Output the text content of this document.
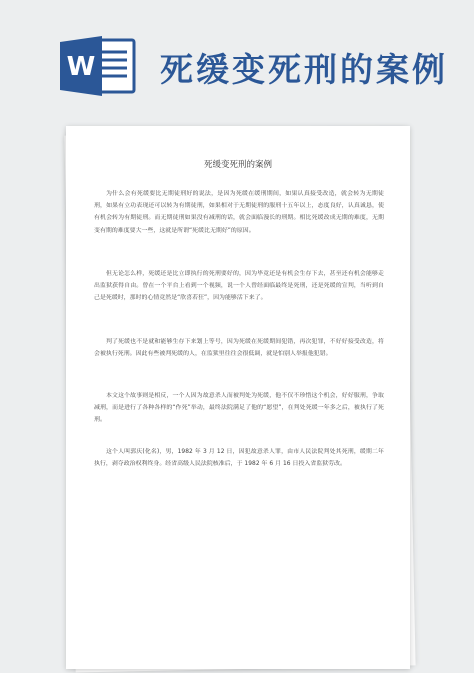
W 死缓变死刑的案例
死缓变死刑的案例

为什么会有死缓要比无期徒刑好的说法，是因为死缓在缓刑期间，如果认真接受改造，就会转为无期徒刑，如果有立功表现还可以转为有期徒刑，如果相对于无期徒刑的服刑十五年以上，态度良好，认真诚恳，使有机会转为有期徒刑。而无期徒刑如果没有减刑的话，就会面临漫长的刑期。相比死缓改成无期的难度，无期变有期的难度要大一些，这就是所谓“死缓比无期好”的原因。

但无论怎么样，死缓还是比立即执行的死刑要好的，因为毕竟还是有机会生存下去，甚至还有机会能够走出监狱获得自由。曾在一个平台上看到一个视频，说一个人曾经面临最终是死刑，还是死缓的宣判，当听到自己是死缓时，那时的心情竟然是“欣喜若狂”，因为能够活下来了。

判了死缓也不是就和能够生存下来划上等号，因为死缓在死缓期间犯错，再次犯罪，不好好接受改造，将会被执行死刑。因此有些被判死缓的人，在监狱里往往会很低调，就是怕别人举报他犯错。

本文这个故事则是相反，一个人因为故意杀人而被判处为死缓，他不仅不珍惜这个机会，好好服刑，争取减刑，而是进行了各种各样的“作死”举动，最终法院满足了他的“愿望”，在判处死缓一年多之后，被执行了死刑。

这个人叫郭庆(化名)，男，1982 年 3 月 12 日，因犯故意杀人罪，由市人民法院判处其死刑，缓期二年执行，剥夺政治权利终身。经省高级人民法院核准后，于 1982 年 6 月 16 日投入省监狱劳改。
